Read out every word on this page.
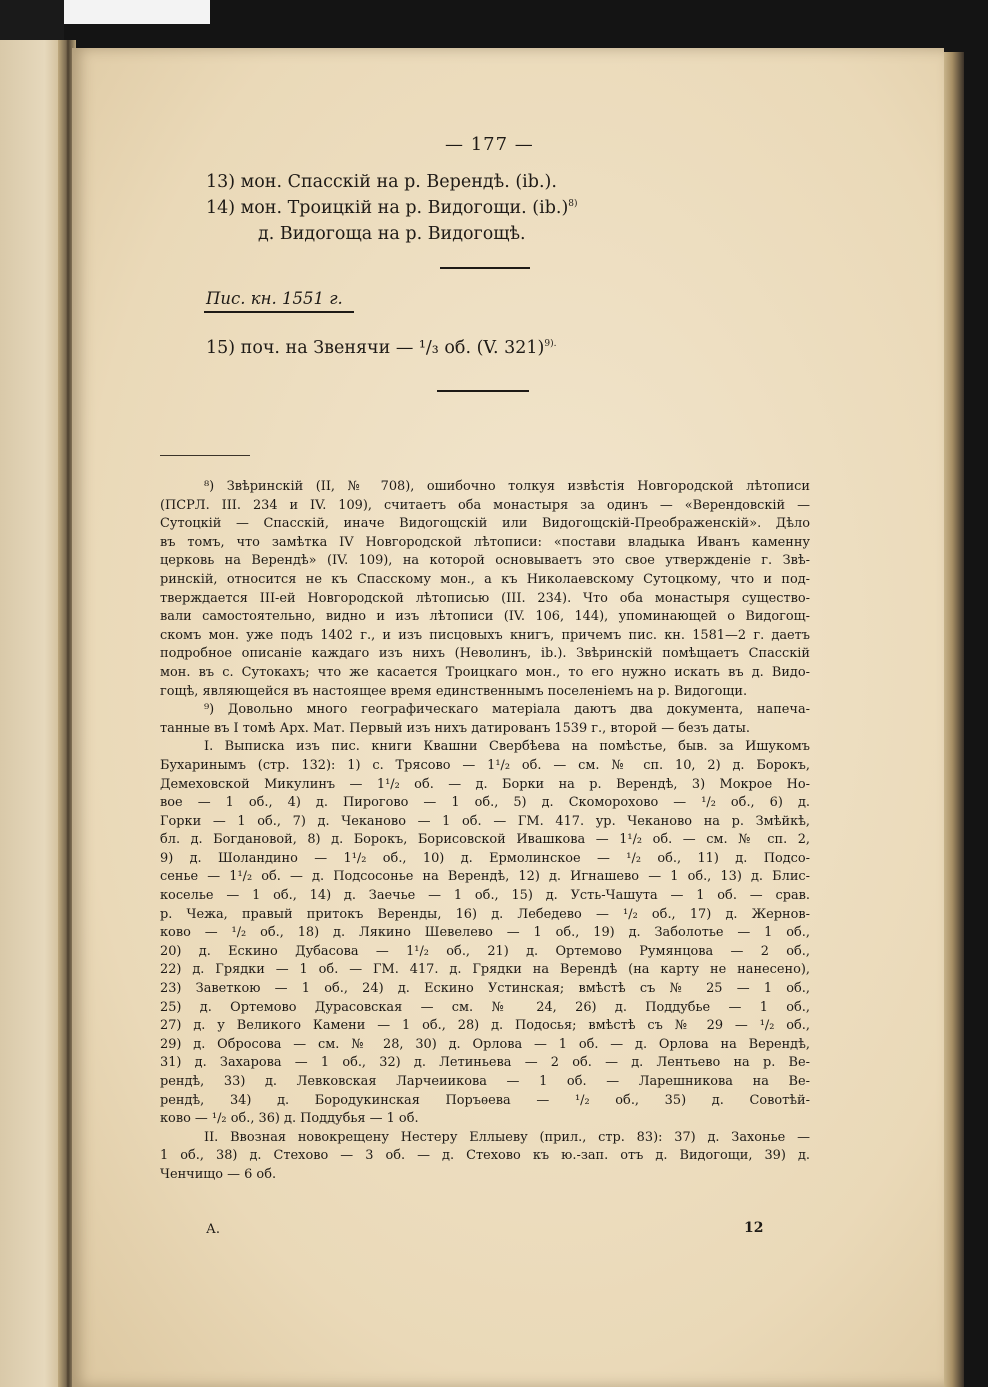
— 177 —
13) мон. Спасскій на р. Верендѣ. (ib.).
14) мон. Троицкій на р. Видогощи. $(ib.)^{8)}$
д. Видогоща на р. Видогощѣ.
Пис. кн. 1551 г.
15) поч. на Звенячи — ¹/₃ об. (V. 321)$^{9).}$
⁸) Звѣринскій (II, № 708), ошибочно толкуя извѣстія Новгородской лѣтописи
(ПСРЛ. III. 234 и IV. 109), считаетъ оба монастыря за одинъ — «Верендовскій —
Сутоцкій — Спасскій, иначе Видогощскій или Видогощскій-Преображенскій». Дѣло
въ томъ, что замѣтка IV Новгородской лѣтописи: «постави владыка Иванъ каменну
церковь на Верендѣ» (IV. 109), на которой основываетъ это свое утвержденіе г. Звѣ-
ринскій, относится не къ Спасскому мон., а къ Николаевскому Сутоцкому, что и под-
тверждается III-ей Новгородской лѣтописью (III. 234). Что оба монастыря существо-
вали самостоятельно, видно и изъ лѣтописи (IV. 106, 144), упоминающей о Видогощ-
скомъ мон. уже подъ 1402 г., и изъ писцовыхъ книгъ, причемъ пис. кн. 1581—2 г. даетъ
подробное описаніе каждаго изъ нихъ (Неволинъ, ib.). Звѣринскій помѣщаетъ Спасскій
мон. въ с. Сутокахъ; что же касается Троицкаго мон., то его нужно искать въ д. Видо-
гощѣ, являющейся въ настоящее время единственнымъ поселеніемъ на р. Видогощи.
⁹) Довольно много географическаго матеріала даютъ два документа, напеча-
танные въ I томѣ Арх. Мат. Первый изъ нихъ датированъ 1539 г., второй — безъ даты.
I. Выписка изъ пис. книги Квашни Свербѣева на помѣстье, быв. за Ишукомъ
Бухаринымъ (стр. 132): 1) с. Трясово — 1¹/₂ об. — см. № сп. 10, 2) д. Борокъ,
Демеховской Микулинъ — 1¹/₂ об. — д. Борки на р. Верендѣ, 3) Мокрое Но-
вое — 1 об., 4) д. Пирогово — 1 об., 5) д. Скоморохово — ¹/₂ об., 6) д.
Горки — 1 об., 7) д. Чеканово — 1 об. — ГМ. 417. ур. Чеканово на р. Змѣйкѣ,
бл. д. Богдановой, 8) д. Борокъ, Борисовской Ивашкова — 1¹/₂ об. — см. № сп. 2,
9) д. Шоландино — 1¹/₂ об., 10) д. Ермолинское — ¹/₂ об., 11) д. Подсо-
сенье — 1¹/₂ об. — д. Подсосонье на Верендѣ, 12) д. Игнашево — 1 об., 13) д. Блис-
коселье — 1 об., 14) д. Заечье — 1 об., 15) д. Усть-Чашута — 1 об. — срав.
р. Чежа, правый притокъ Веренды, 16) д. Лебедево — ¹/₂ об., 17) д. Жернов-
ково — ¹/₂ об., 18) д. Лякино Шевелево — 1 об., 19) д. Заболотье — 1 об.,
20) д. Ескино Дубасова — 1¹/₂ об., 21) д. Ортемово Румянцова — 2 об.,
22) д. Грядки — 1 об. — ГМ. 417. д. Грядки на Верендѣ (на карту не нанесено),
23) Заветкою — 1 об., 24) д. Ескино Устинская; вмѣстѣ съ № 25 — 1 об.,
25) д. Ортемово Дурасовская — см. № 24, 26) д. Поддубье — 1 об.,
27) д. у Великого Камени — 1 об., 28) д. Подосья; вмѣстѣ съ № 29 — ¹/₂ об.,
29) д. Обросова — см. № 28, 30) д. Орлова — 1 об. — д. Орлова на Верендѣ,
31) д. Захарова — 1 об., 32) д. Летиньева — 2 об. — д. Лентьево на р. Ве-
рендѣ, 33) д. Левковская Ларчеиикова — 1 об. — Ларешникова на Ве-
рендѣ, 34) д. Бородукинская Поръѳева — ¹/₂ об., 35) д. Совотѣй-
ково — ¹/₂ об., 36) д. Поддубья — 1 об.
II. Ввозная новокрещену Нестеру Еллыеву (прил., стр. 83): 37) д. Захонье —
1 об., 38) д. Стехово — 3 об. — д. Стехово къ ю.-зап. отъ д. Видогощи, 39) д.
Ченчищо — 6 об.
А.	12
